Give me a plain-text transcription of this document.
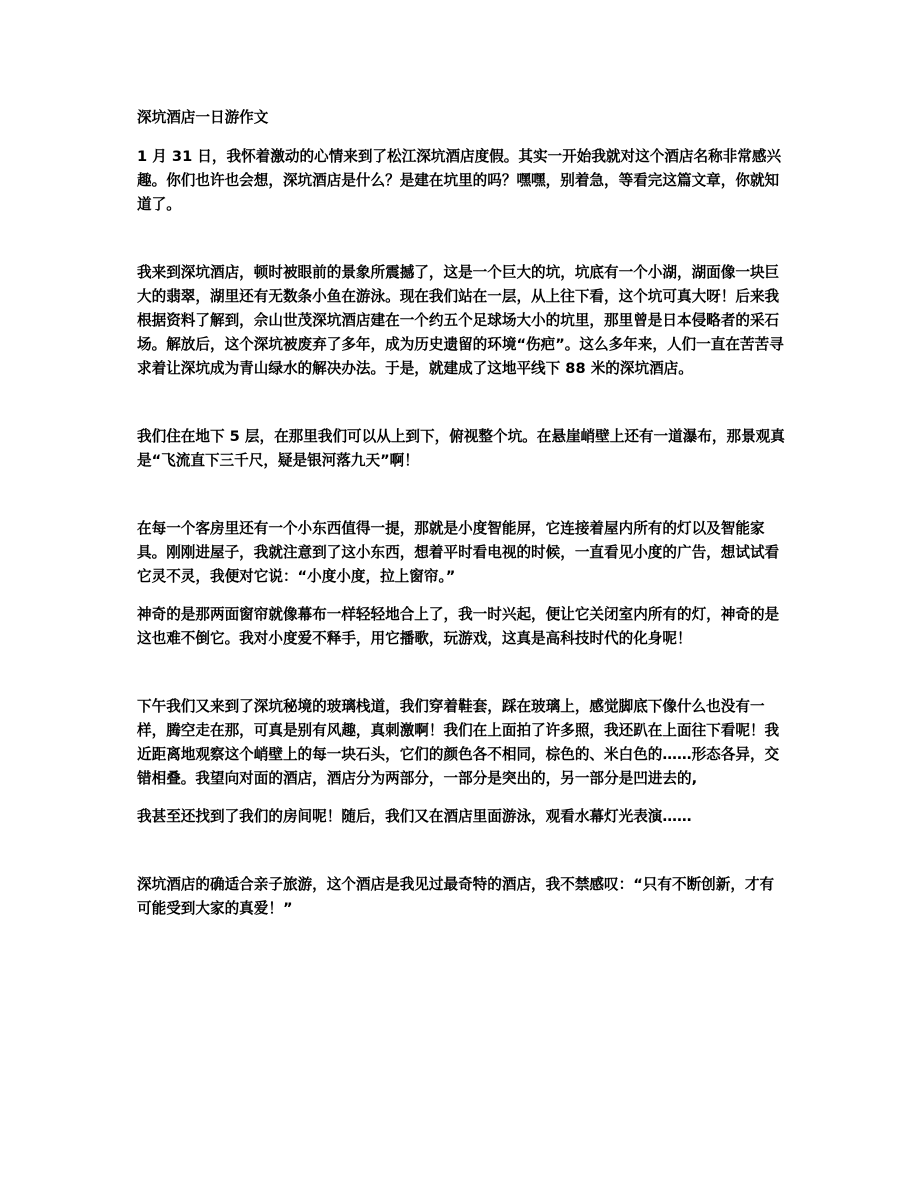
深坑酒店一日游作文

1 月 31 日，我怀着激动的心情来到了松江深坑酒店度假。其实一开始我就对这个酒店名称非常感兴趣。你们也许也会想，深坑酒店是什么？是建在坑里的吗？嘿嘿，别着急，等看完这篇文章，你就知道了。

我来到深坑酒店，顿时被眼前的景象所震撼了，这是一个巨大的坑，坑底有一个小湖，湖面像一块巨大的翡翠，湖里还有无数条小鱼在游泳。现在我们站在一层，从上往下看，这个坑可真大呀！后来我根据资料了解到，佘山世茂深坑酒店建在一个约五个足球场大小的坑里，那里曾是日本侵略者的采石场。解放后，这个深坑被废弃了多年，成为历史遗留的环境“伤疤”。这么多年来，人们一直在苦苦寻求着让深坑成为青山绿水的解决办法。于是，就建成了这地平线下 88 米的深坑酒店。

我们住在地下 5 层，在那里我们可以从上到下，俯视整个坑。在悬崖峭壁上还有一道瀑布，那景观真是“飞流直下三千尺，疑是银河落九天”啊！

在每一个客房里还有一个小东西值得一提，那就是小度智能屏，它连接着屋内所有的灯以及智能家具。刚刚进屋子，我就注意到了这小东西，想着平时看电视的时候，一直看见小度的广告，想试试看它灵不灵，我便对它说：“小度小度，拉上窗帘。”

神奇的是那两面窗帘就像幕布一样轻轻地合上了，我一时兴起，便让它关闭室内所有的灯，神奇的是这也难不倒它。我对小度爱不释手，用它播歌，玩游戏，这真是高科技时代的化身呢！

下午我们又来到了深坑秘境的玻璃栈道，我们穿着鞋套，踩在玻璃上，感觉脚底下像什么也没有一样，腾空走在那，可真是别有风趣，真刺激啊！我们在上面拍了许多照，我还趴在上面往下看呢！我近距离地观察这个峭壁上的每一块石头，它们的颜色各不相同，棕色的、米白色的……形态各异，交错相叠。我望向对面的酒店，酒店分为两部分，一部分是突出的，另一部分是凹进去的,

我甚至还找到了我们的房间呢！随后，我们又在酒店里面游泳，观看水幕灯光表演……

深坑酒店的确适合亲子旅游，这个酒店是我见过最奇特的酒店，我不禁感叹：“只有不断创新，才有可能受到大家的真爱！”
